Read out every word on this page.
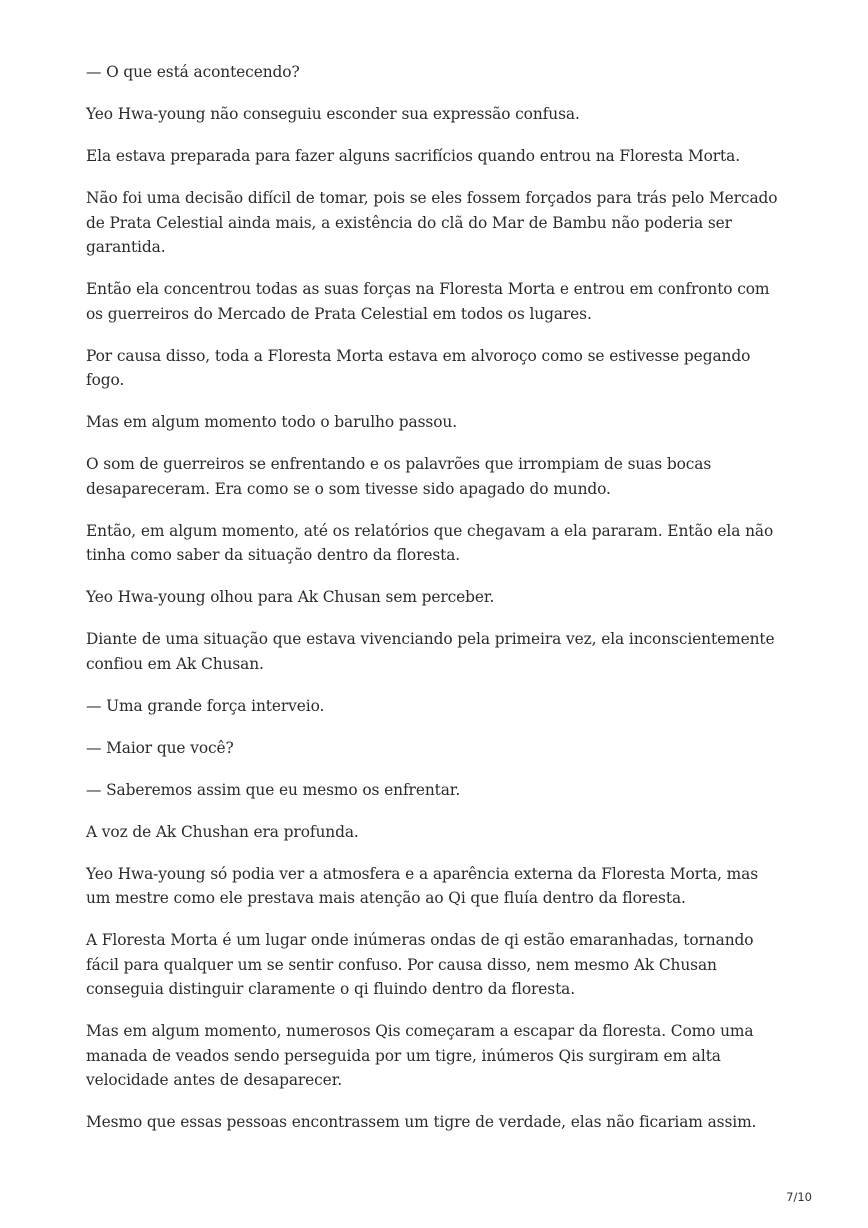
— O que está acontecendo?

Yeo Hwa-young não conseguiu esconder sua expressão confusa.

Ela estava preparada para fazer alguns sacrifícios quando entrou na Floresta Morta.

Não foi uma decisão difícil de tomar, pois se eles fossem forçados para trás pelo Mercado de Prata Celestial ainda mais, a existência do clã do Mar de Bambu não poderia ser garantida.

Então ela concentrou todas as suas forças na Floresta Morta e entrou em confronto com os guerreiros do Mercado de Prata Celestial em todos os lugares.

Por causa disso, toda a Floresta Morta estava em alvoroço como se estivesse pegando fogo.

Mas em algum momento todo o barulho passou.

O som de guerreiros se enfrentando e os palavrões que irrompiam de suas bocas desapareceram. Era como se o som tivesse sido apagado do mundo.

Então, em algum momento, até os relatórios que chegavam a ela pararam. Então ela não tinha como saber da situação dentro da floresta.

Yeo Hwa-young olhou para Ak Chusan sem perceber.

Diante de uma situação que estava vivenciando pela primeira vez, ela inconscientemente confiou em Ak Chusan.

— Uma grande força interveio.

— Maior que você?

— Saberemos assim que eu mesmo os enfrentar.

A voz de Ak Chushan era profunda.

Yeo Hwa-young só podia ver a atmosfera e a aparência externa da Floresta Morta, mas um mestre como ele prestava mais atenção ao Qi que fluía dentro da floresta.

A Floresta Morta é um lugar onde inúmeras ondas de qi estão emaranhadas, tornando fácil para qualquer um se sentir confuso. Por causa disso, nem mesmo Ak Chusan conseguia distinguir claramente o qi fluindo dentro da floresta.

Mas em algum momento, numerosos Qis começaram a escapar da floresta. Como uma manada de veados sendo perseguida por um tigre, inúmeros Qis surgiram em alta velocidade antes de desaparecer.

Mesmo que essas pessoas encontrassem um tigre de verdade, elas não ficariam assim.

7/10
